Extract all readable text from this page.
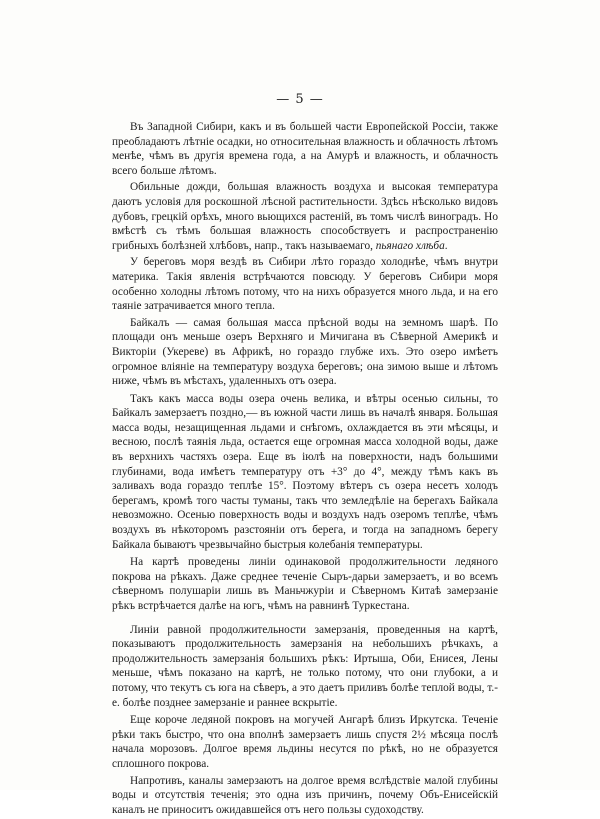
— 5 —

Въ Западной Сибири, какъ и въ большей части Европейской Россіи, также преобладаютъ лѣтніе осадки, но относительная влажность и облачность лѣтомъ менѣе, чѣмъ въ другія времена года, а на Амурѣ и влажность, и облачность всего больше лѣтомъ.

Обильные дожди, большая влажность воздуха и высокая температура даютъ условія для роскошной лѣсной растительности. Здѣсь нѣсколько видовъ дубовъ, грецкій орѣхъ, много вьющихся растеній, въ томъ числѣ виноградъ. Но вмѣстѣ съ тѣмъ большая влажность способствуетъ и распространенію грибныхъ болѣзней хлѣбовъ, напр., такъ называемаго, пьянаго хлѣба.

У береговъ моря вездѣ въ Сибири лѣто гораздо холоднѣе, чѣмъ внутри материка. Такія явленія встрѣчаются повсюду. У береговъ Сибири моря особенно холодны лѣтомъ потому, что на нихъ образуется много льда, и на его таяніе затрачивается много тепла.

Байкалъ — самая большая масса прѣсной воды на земномъ шарѣ. По площади онъ меньше озеръ Верхняго и Мичигана въ Сѣверной Америкѣ и Викторіи (Укереве) въ Африкѣ, но гораздо глубже ихъ. Это озеро имѣетъ огромное вліяніе на температуру воздуха береговъ; она зимою выше и лѣтомъ ниже, чѣмъ въ мѣстахъ, удаленныхъ отъ озера.

Такъ какъ масса воды озера очень велика, и вѣтры осенью сильны, то Байкалъ замерзаетъ поздно,— въ южной части лишь въ началѣ января. Большая масса воды, незащищенная льдами и снѣгомъ, охлаждается въ эти мѣсяцы, и весною, послѣ таянія льда, остается еще огромная масса холодной воды, даже въ верхнихъ частяхъ озера. Еще въ іюлѣ на поверхности, надъ большими глубинами, вода имѣетъ температуру отъ +3° до 4°, между тѣмъ какъ въ заливахъ вода гораздо теплѣе 15°. Поэтому вѣтеръ съ озера несетъ холодъ берегамъ, кромѣ того часты туманы, такъ что земледѣліе на берегахъ Байкала невозможно. Осенью поверхность воды и воздухъ надъ озеромъ теплѣе, чѣмъ воздухъ въ нѣкоторомъ разстояніи отъ берега, и тогда на западномъ берегу Байкала бываютъ чрезвычайно быстрыя колебанія температуры.

На картѣ проведены линіи одинаковой продолжительности ледяного покрова на рѣкахъ. Даже среднее теченіе Сыръ-дарьи замерзаетъ, и во всемъ сѣверномъ полушаріи лишь въ Маньчжуріи и Сѣверномъ Китаѣ замерзаніе рѣкъ встрѣчается далѣе на югъ, чѣмъ на равнинѣ Туркестана.

Линіи равной продолжительности замерзанія, проведенныя на картѣ, показываютъ продолжительность замерзанія на небольшихъ рѣчкахъ, а продолжительность замерзанія большихъ рѣкъ: Иртыша, Оби, Енисея, Лены меньше, чѣмъ показано на картѣ, не только потому, что они глубоки, а и потому, что текутъ съ юга на сѣверъ, а это даетъ приливъ болѣе теплой воды, т.-е. болѣе позднее замерзаніе и раннее вскрытіе.

Еще короче ледяной покровъ на могучей Ангарѣ близъ Иркутска. Теченіе рѣки такъ быстро, что она вполнѣ замерзаетъ лишь спустя 2½ мѣсяца послѣ начала морозовъ. Долгое время льдины несутся по рѣкѣ, но не образуется сплошного покрова.

Напротивъ, каналы замерзаютъ на долгое время вслѣдствіе малой глубины воды и отсутствія теченія; это одна изъ причинъ, почему Объ-Енисейскій каналъ не приноситъ ожидавшейся отъ него пользы судоходству.
